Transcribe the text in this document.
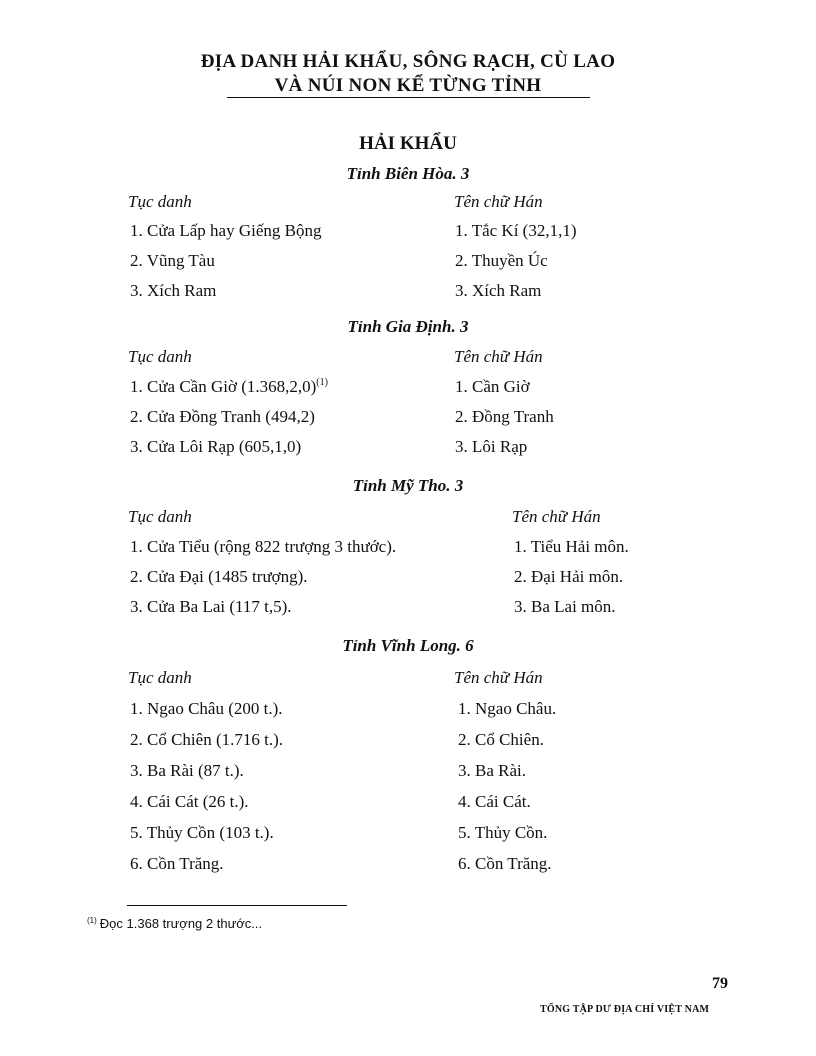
ĐỊA DANH HẢI KHẨU, SÔNG RẠCH, CÙ LAO
VÀ NÚI NON KỂ TỪNG TỈNH
HẢI KHẨU
Tỉnh Biên Hòa. 3
Tục danh	Tên chữ Hán
1. Cửa Lấp hay Giếng Bộng	1. Tắc Kí (32,1,1)
2. Vũng Tàu	2. Thuyền Úc
3. Xích Ram	3. Xích Ram
Tỉnh Gia Định. 3
Tục danh	Tên chữ Hán
1. Cửa Cần Giờ $(1.368,2,0)^{(1)}$	1. Cần Giờ
2. Cửa Đồng Tranh (494,2)	2. Đồng Tranh
3. Cửa Lôi Rạp (605,1,0)	3. Lôi Rạp
Tỉnh Mỹ Tho. 3
Tục danh	Tên chữ Hán
1. Cửa Tiểu (rộng 822 trượng 3 thước).	1. Tiểu Hải môn.
2. Cửa Đại (1485 trượng).	2. Đại Hải môn.
3. Cửa Ba Lai (117 t,5).	3. Ba Lai môn.
Tỉnh Vĩnh Long. 6
Tục danh	Tên chữ Hán
1. Ngao Châu (200 t.).	1. Ngao Châu.
2. Cổ Chiên (1.716 t.).	2. Cổ Chiên.
3. Ba Rài (87 t.).	3. Ba Rài.
4. Cái Cát (26 t.).	4. Cái Cát.
5. Thủy Cồn (103 t.).	5. Thủy Cồn.
6. Cồn Trăng.	6. Cồn Trăng.
$^{(1)}$ Đọc 1.368 trượng 2 thước...
79
TỔNG TẬP DƯ ĐỊA CHÍ VIỆT NAM
